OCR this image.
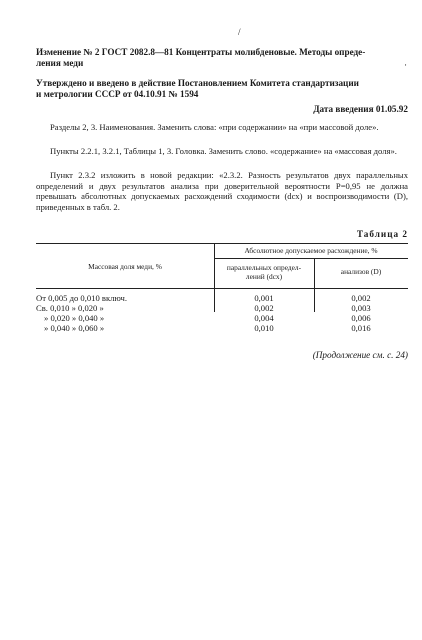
/
·
Изменение № 2 ГОСТ 2082.8—81 Концентраты молибденовые. Методы опреде-
ления меди
Утверждено и введено в действие Постановлением Комитета стандартизации
и метрологии СССР от 04.10.91 № 1594
Дата введения 01.05.92
Разделы 2, 3. Наименования. Заменить слова: «при содержании» на «при массовой доле».
Пункты 2.2.1, 3.2.1, Таблицы 1, 3. Головка. Заменить слово. «содержание» на «массовая доля».
Пункт 2.3.2 изложить в новой редакции: «2.3.2. Разность результатов двух параллельных определений и двух результатов анализа при доверительной вероятности P=0,95 не должна превышать абсолютных допускаемых расхождений сходимости (dсх) и воспроизводимости (D), приведенных в табл. 2.
Таблица 2
Массовая доля меди, %
Абсолютное допускаемое расхождение, %
параллельных определ-
лений (dсх)
анализов (D)
От 0,005 до 0,010 включ.	0,001	0,002
Св. 0,010 » 0,020 »	0,002	0,003
» 0,020 » 0,040 »	0,004	0,006
» 0,040 » 0,060 »	0,010	0,016
(Продолжение см. с. 24)
